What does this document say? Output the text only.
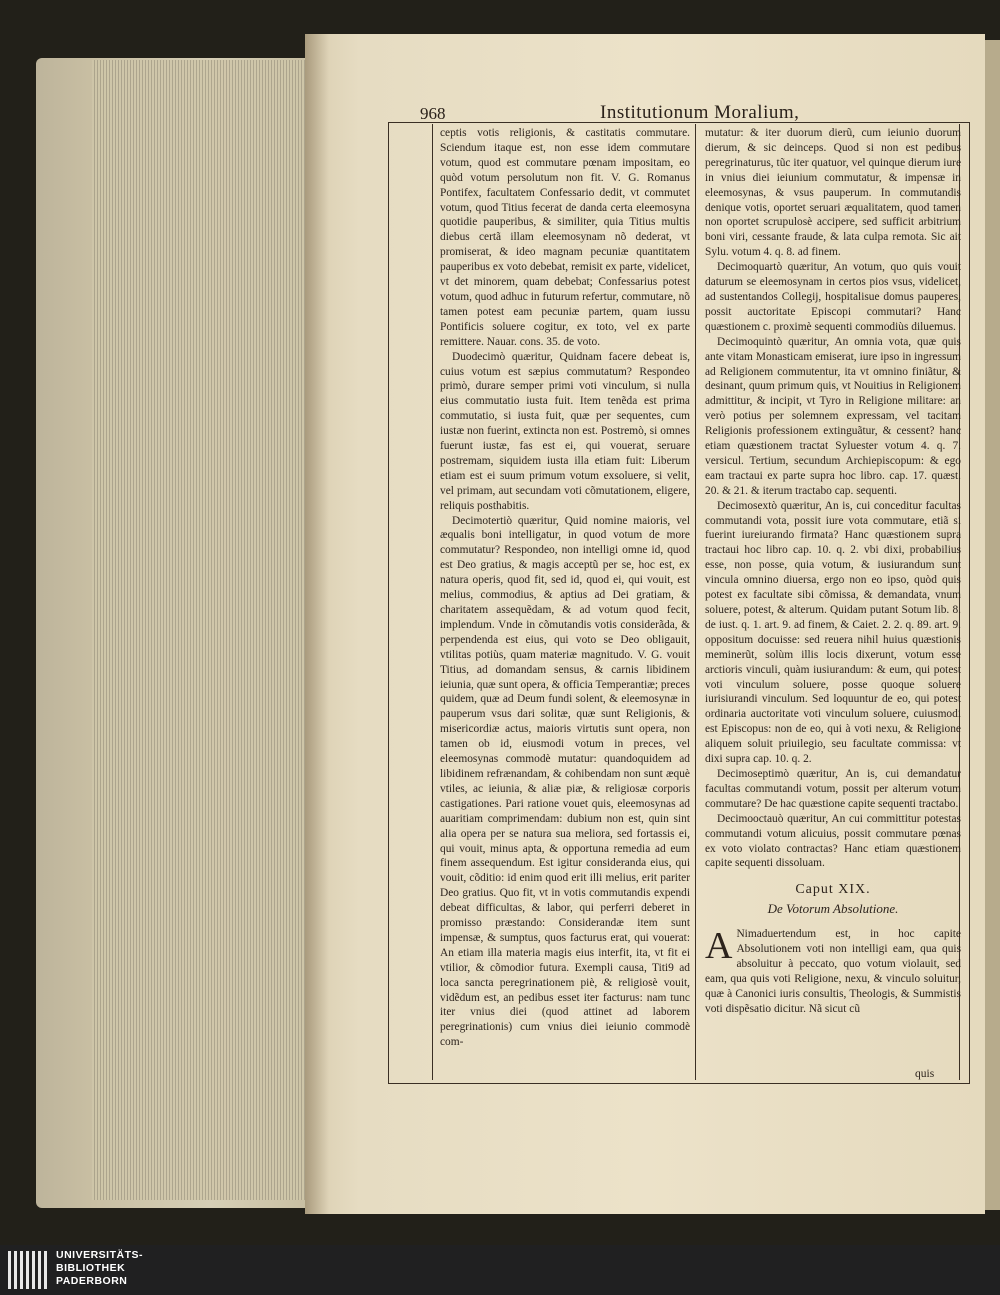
968	Institutionum Moralium,

ceptis votis religionis, & castitatis commutare. Sciendum itaque est, non esse idem commutare votum, quod est commutare pœnam impositam, eo quòd votum persolutum non fit. V. G. Romanus Pontifex, facultatem Confessario dedit, vt commutet votum, quod Titius fecerat de danda certa eleemosyna quotidie pauperibus, & similiter, quia Titius multis diebus certã illam eleemosynam nõ dederat, vt promiserat, & ideo magnam pecuniæ quantitatem pauperibus ex voto debebat, remisit ex parte, videlicet, vt det minorem, quam debebat; Confessarius potest votum, quod adhuc in futurum refertur, commutare, nõ tamen potest eam pecuniæ partem, quam iussu Pontificis soluere cogitur, ex toto, vel ex parte remittere. Nauar. cons. 35. de voto.

Duodecimò quæritur, Quidnam facere debeat is, cuius votum est sæpius commutatum? Respondeo primò, durare semper primi voti vinculum, si nulla eius commutatio iusta fuit. Item tenẽda est prima commutatio, si iusta fuit, quæ per sequentes, cum iustæ non fuerint, extincta non est. Postremò, si omnes fuerunt iustæ, fas est ei, qui vouerat, seruare postremam, siquidem iusta illa etiam fuit: Liberum etiam est ei suum primum votum exsoluere, si velit, vel primam, aut secundam voti cõmutationem, eligere, reliquis posthabitis.

Decimotertiò quæritur, Quid nomine maioris, vel æqualis boni intelligatur, in quod votum de more commutatur? Respondeo, non intelligi omne id, quod est Deo gratius, & magis acceptũ per se, hoc est, ex natura operis, quod fit, sed id, quod ei, qui vouit, est melius, commodius, & aptius ad Dei gratiam, & charitatem assequẽdam, & ad votum quod fecit, implendum. Vnde in cõmutandis votis considerãda, & perpendenda est eius, qui voto se Deo obligauit, vtilitas potiùs, quam materiæ magnitudo. V. G. vouit Titius, ad domandam sensus, & carnis libidinem ieiunia, quæ sunt opera, & officia Temperantiæ; preces quidem, quæ ad Deum fundi solent, & eleemosynæ in pauperum vsus dari solitæ, quæ sunt Religionis, & misericordiæ actus, maioris virtutis sunt opera, non tamen ob id, eiusmodi votum in preces, vel eleemosynas commodè mutatur: quandoquidem ad libidinem refrænandam, & cohibendam non sunt æquè vtiles, ac ieiunia, & aliæ piæ, & religiosæ corporis castigationes. Pari ratione vouet quis, eleemosynas ad auaritiam comprimendam: dubium non est, quin sint alia opera per se natura sua meliora, sed fortassis ei, qui vouit, minus apta, & opportuna remedia ad eum finem assequendum. Est igitur consideranda eius, qui vouit, cõditio: id enim quod erit illi melius, erit pariter Deo gratius. Quo fit, vt in votis commutandis expendi debeat difficultas, & labor, qui perferri deberet in promisso præstando: Considerandæ item sunt impensæ, & sumptus, quos facturus erat, qui vouerat: An etiam illa materia magis eius interfit, ita, vt fit ei vtilior, & cõmodior futura. Exempli causa, Titi9 ad loca sancta peregrinationem piè, & religiosè vouit, vidẽdum est, an pedibus esset iter facturus: nam tunc iter vnius diei (quod attinet ad laborem peregrinationis) cum vnius diei ieiunio commodè com-

mutatur: & iter duorum dierũ, cum ieiunio duorum dierum, & sic deinceps. Quod si non est pedibus peregrinaturus, tũc iter quatuor, vel quinque dierum iure in vnius diei ieiunium commutatur, & impensæ in eleemosynas, & vsus pauperum. In commutandis denique votis, oportet seruari æqualitatem, quod tamen non oportet scrupulosè accipere, sed sufficit arbitrium boni viri, cessante fraude, & lata culpa remota. Sic ait Sylu. votum 4. q. 8. ad finem.

Decimoquartò quæritur, An votum, quo quis vouit daturum se eleemosynam in certos pios vsus, videlicet, ad sustentandos Collegij, hospitalisue domus pauperes, possit auctoritate Episcopi commutari? Hanc quæstionem c. proximè sequenti commodiùs diluemus.

Decimoquintò quæritur, An omnia vota, quæ quis ante vitam Monasticam emiserat, iure ipso in ingressum ad Religionem commutentur, ita vt omnino finiãtur, & desinant, quum primum quis, vt Nouitius in Religionem admittitur, & incipit, vt Tyro in Religione militare: an verò potius per solemnem expressam, vel tacitam Religionis professionem extinguãtur, & cessent? hanc etiam quæstionem tractat Syluester votum 4. q. 7. versicul. Tertium, secundum Archiepiscopum: & ego eam tractaui ex parte supra hoc libro. cap. 17. quæst. 20. & 21. & iterum tractabo cap. sequenti.

Decimosextò quæritur, An is, cui conceditur facultas commutandi vota, possit iure vota commutare, etiã si fuerint iureiurando firmata? Hanc quæstionem supra tractaui hoc libro cap. 10. q. 2. vbi dixi, probabilius esse, non posse, quia votum, & iusiurandum sunt vincula omnino diuersa, ergo non eo ipso, quòd quis potest ex facultate sibi cõmissa, & demandata, vnum soluere, potest, & alterum. Quidam putant Sotum lib. 8. de iust. q. 1. art. 9. ad finem, & Caiet. 2. 2. q. 89. art. 9. oppositum docuisse: sed reuera nihil huius quæstionis meminerũt, solùm illis locis dixerunt, votum esse arctioris vinculi, quàm iusiurandum: & eum, qui potest voti vinculum soluere, posse quoque soluere iurisiurandi vinculum. Sed loquuntur de eo, qui potest ordinaria auctoritate voti vinculum soluere, cuiusmodi est Episcopus: non de eo, qui à voti nexu, & Religione aliquem soluit priuilegio, seu facultate commissa: vt dixi supra cap. 10. q. 2.

Decimoseptimò quæritur, An is, cui demandatur facultas commutandi votum, possit per alterum votum commutare? De hac quæstione capite sequenti tractabo.

Decimooctauò quæritur, An cui committitur potestas commutandi votum alicuius, possit commutare pœnas ex voto violato contractas? Hanc etiam quæstionem capite sequenti dissoluam.

Caput XIX.
De Votorum Absolutione.
A Nimaduertendum est, in hoc capite Absolutionem voti non intelligi eam, qua quis absoluitur à peccato, quo votum violauit, sed eam, qua quis voti Religione, nexu, & vinculo soluitur, quæ à Canonici iuris consultis, Theologis, & Summistis voti dispẽsatio dicitur. Nã sicut cũ
quis
UNIVERSITÄTS-
BIBLIOTHEK
PADERBORN
